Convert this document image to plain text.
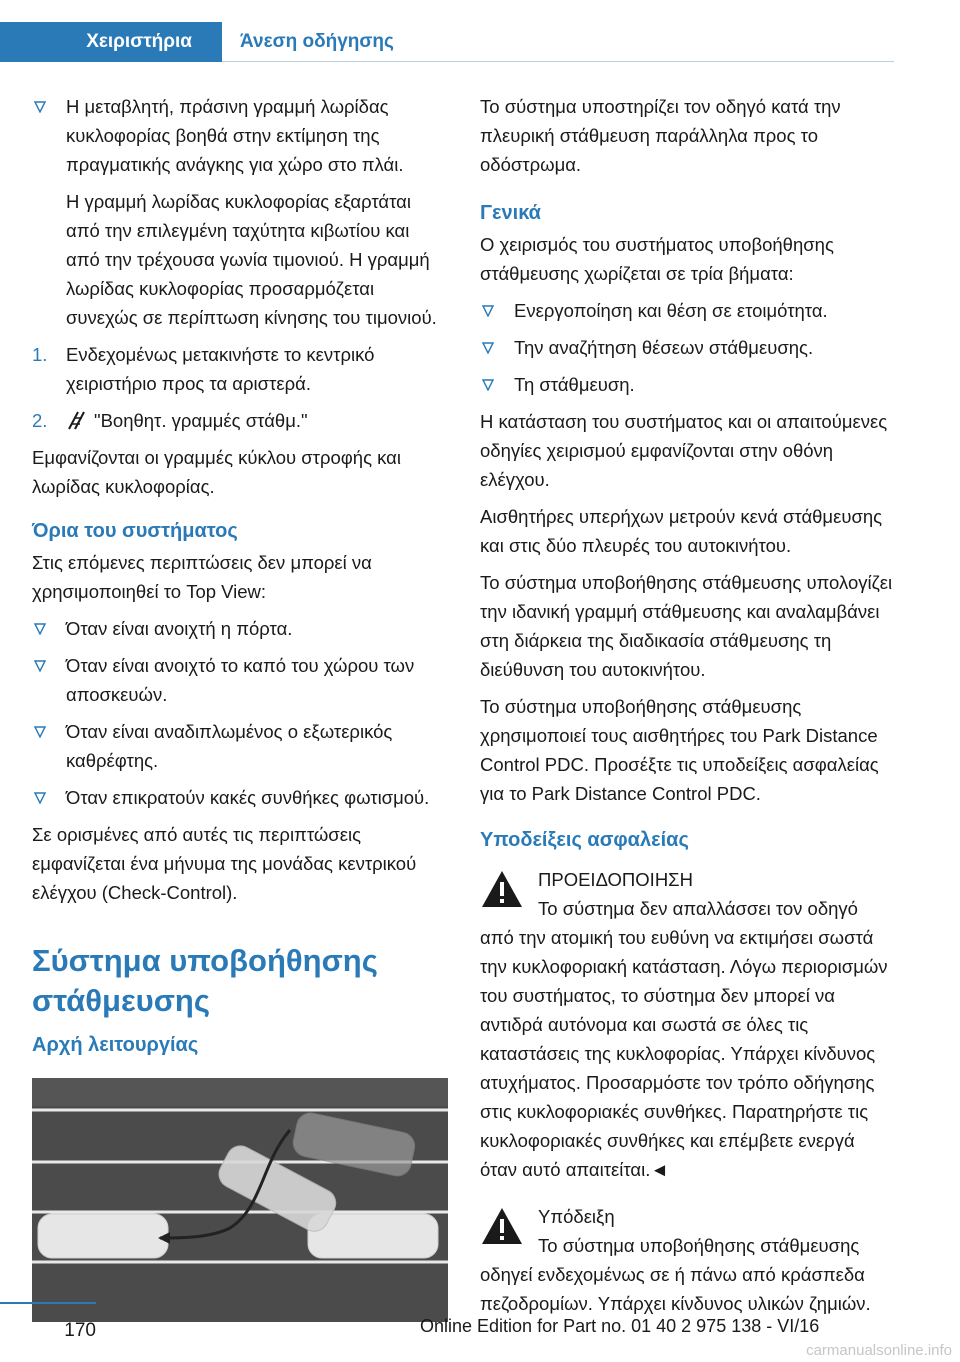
Χειριστήρια	Άνεση οδήγησης
Η μεταβλητή, πράσινη γραμμή λωρίδας κυκλοφορίας βοηθά στην εκτίμηση της πραγματικής ανάγκης για χώρο στο πλάι.

Η γραμμή λωρίδας κυκλοφορίας εξαρτάται από την επιλεγμένη ταχύτητα κιβωτίου και από την τρέχουσα γωνία τιμονιού. Η γραμμή λωρίδας κυκλοφορίας προσαρμόζεται συνεχώς σε περίπτωση κίνησης του τιμονιού.

1.	Ενδεχομένως μετακινήστε το κεντρικό χειριστήριο προς τα αριστερά.
2.	"Βοηθητ. γραμμές στάθμ."

Εμφανίζονται οι γραμμές κύκλου στροφής και λωρίδας κυκλοφορίας.

Όρια του συστήματος

Στις επόμενες περιπτώσεις δεν μπορεί να χρησιμοποιηθεί το Top View:

Όταν είναι ανοιχτή η πόρτα.
Όταν είναι ανοιχτό το καπό του χώρου των αποσκευών.
Όταν είναι αναδιπλωμένος ο εξωτερικός καθρέφτης.
Όταν επικρατούν κακές συνθήκες φωτισμού.

Σε ορισμένες από αυτές τις περιπτώσεις εμφανίζεται ένα μήνυμα της μονάδας κεντρικού ελέγχου (Check-Control).

Σύστημα υποβοήθησης στάθμευσης
Αρχή λειτουργίας

Το σύστημα υποστηρίζει τον οδηγό κατά την πλευρική στάθμευση παράλληλα προς το οδόστρωμα.

Γενικά

Ο χειρισμός του συστήματος υποβοήθησης στάθμευσης χωρίζεται σε τρία βήματα:

Ενεργοποίηση και θέση σε ετοιμότητα.
Την αναζήτηση θέσεων στάθμευσης.
Τη στάθμευση.

Η κατάσταση του συστήματος και οι απαιτούμενες οδηγίες χειρισμού εμφανίζονται στην οθόνη ελέγχου.

Αισθητήρες υπερήχων μετρούν κενά στάθμευσης και στις δύο πλευρές του αυτοκινήτου.

Το σύστημα υποβοήθησης στάθμευσης υπολογίζει την ιδανική γραμμή στάθμευσης και αναλαμβάνει στη διάρκεια της διαδικασία στάθμευσης τη διεύθυνση του αυτοκινήτου.

Το σύστημα υποβοήθησης στάθμευσης χρησιμοποιεί τους αισθητήρες του Park Distance Control PDC. Προσέξτε τις υποδείξεις ασφαλείας για το Park Distance Control PDC.

Υποδείξεις ασφαλείας
ΠΡΟΕΙΔΟΠΟΙΗΣΗ
Το σύστημα δεν απαλλάσσει τον οδηγό

από την ατομική του ευθύνη να εκτιμήσει σωστά την κυκλοφοριακή κατάσταση. Λόγω περιορισμών του συστήματος, το σύστημα δεν μπορεί να αντιδρά αυτόνομα και σωστά σε όλες τις καταστάσεις της κυκλοφορίας. Υπάρχει κίνδυνος ατυχήματος. Προσαρμόστε τον τρόπο οδήγησης στις κυκλοφοριακές συνθήκες. Παρατηρήστε τις κυκλοφοριακές συνθήκες και επέμβετε ενεργά όταν αυτό απαιτείται.◄

Υπόδειξη
Το σύστημα υποβοήθησης στάθμευσης

οδηγεί ενδεχομένως σε ή πάνω από κράσπεδα πεζοδρομίων. Υπάρχει κίνδυνος υλικών ζημιών.

170	Online Edition for Part no. 01 40 2 975 138 - VI/16
carmanualsonline.info
